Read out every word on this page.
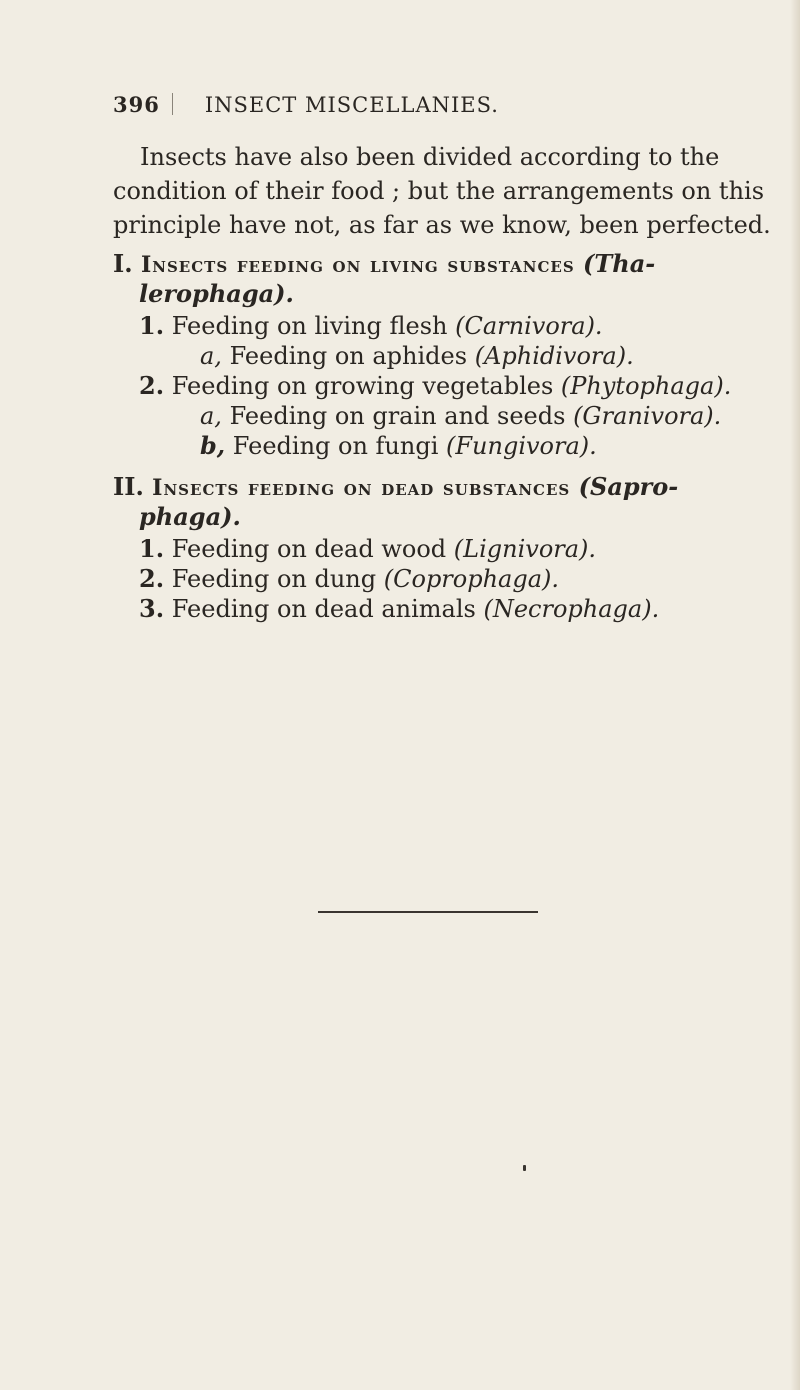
396 INSECT MISCELLANIES.
Insects have also been divided according to the
condition of their food ; but the arrangements on this
principle have not, as far as we know, been perfected.
I. Insects feeding on living substances (Tha-
lerophaga).
1. Feeding on living flesh (Carnivora).
a, Feeding on aphides (Aphidivora).
2. Feeding on growing vegetables (Phytophaga).
a, Feeding on grain and seeds (Granivora).
b, Feeding on fungi (Fungivora).
II. Insects feeding on dead substances (Sapro-
phaga).
1. Feeding on dead wood (Lignivora).
2. Feeding on dung (Coprophaga).
3. Feeding on dead animals (Necrophaga).
